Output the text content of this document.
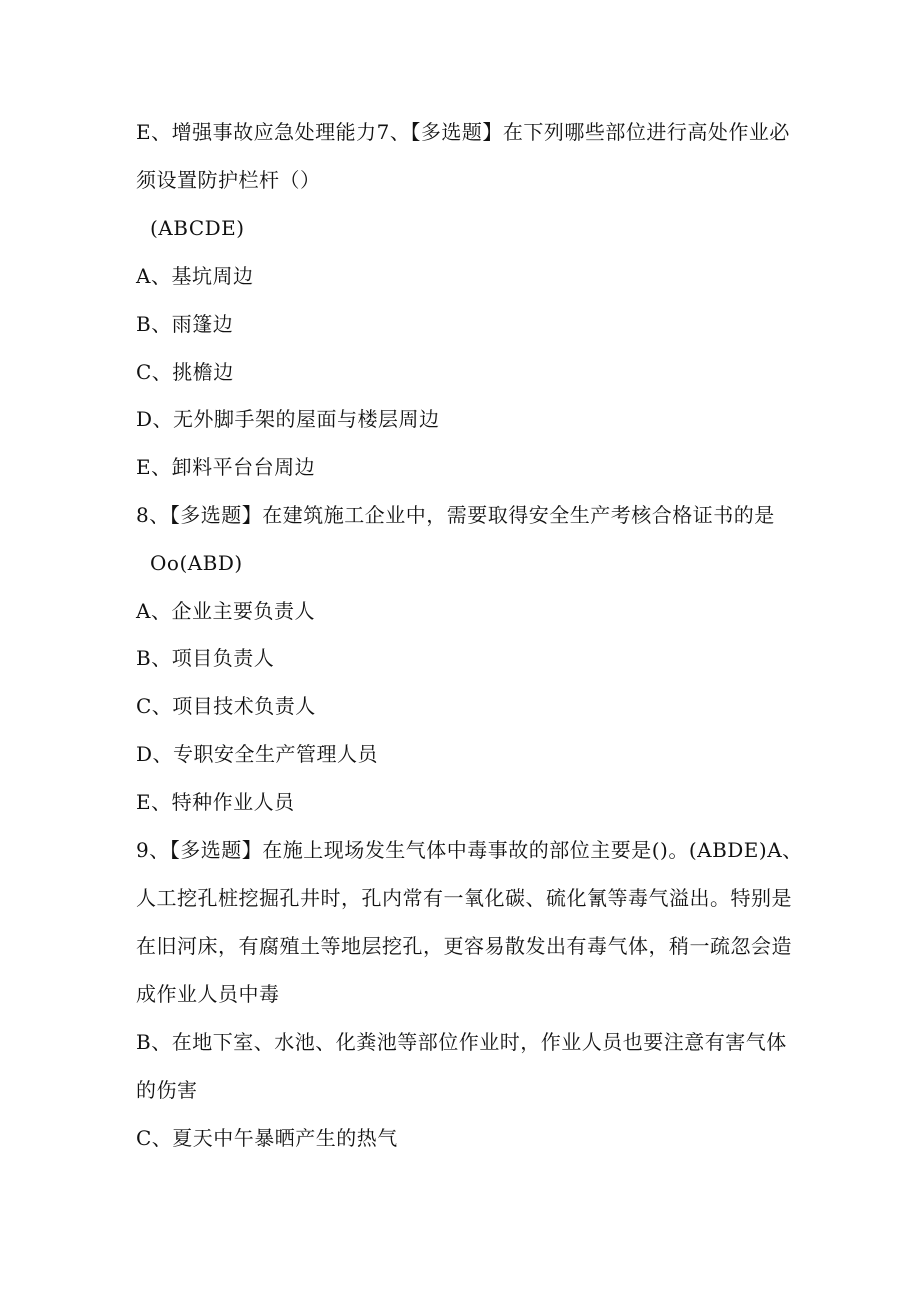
E、增强事故应急处理能力7、【多选题】在下列哪些部位进行高处作业必
须设置防护栏杆（）
(ABCDE)
A、基坑周边
B、雨篷边
C、挑檐边
D、无外脚手架的屋面与楼层周边
E、卸料平台台周边
8、【多选题】在建筑施工企业中，需要取得安全生产考核合格证书的是
Oo(ABD)
A、企业主要负责人
B、项目负责人
C、项目技术负责人
D、专职安全生产管理人员
E、特种作业人员
9、【多选题】在施上现场发生气体中毒事故的部位主要是()。(ABDE)A、
人工挖孔桩挖掘孔井时，孔内常有一氧化碳、硫化氰等毒气溢出。特别是
在旧河床，有腐殖土等地层挖孔，更容易散发出有毒气体，稍一疏忽会造
成作业人员中毒
B、在地下室、水池、化粪池等部位作业时，作业人员也要注意有害气体
的伤害
C、夏天中午暴晒产生的热气
